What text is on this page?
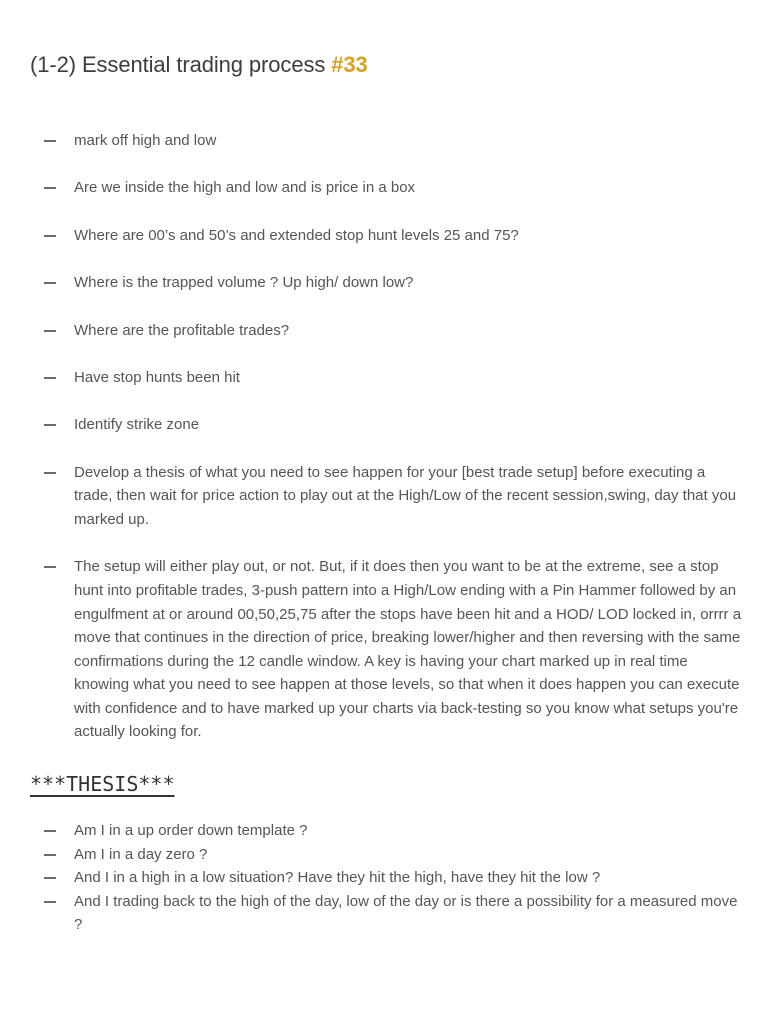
(1-2) Essential trading process #33
mark off high and low
Are we inside the high and low and is price in a box
Where are 00’s and 50’s and extended stop hunt levels 25 and 75?
Where is the trapped volume ? Up high/ down low?
Where are the profitable trades?
Have stop hunts been hit
Identify strike zone
Develop a thesis of what you need to see happen for your [best trade setup] before executing a trade, then wait for price action to play out at the High/Low of the recent session,swing, day that you marked up.
The setup will either play out, or not. But, if it does then you want to be at the extreme, see a stop hunt into profitable trades, 3-push pattern into a High/Low ending with a Pin Hammer followed by an engulfment at or around 00,50,25,75 after the stops have been hit and a HOD/ LOD locked in, orrrr a move that continues in the direction of price, breaking lower/higher and then reversing with the same confirmations during the 12 candle window. A key is having your chart marked up in real time knowing what you need to see happen at those levels, so that when it does happen you can execute with confidence and to have marked up your charts via back-testing so you know what setups you're actually looking for.
***THESIS***
Am I in a up order down template ?
Am I in a day zero ?
And I in a high in a low situation? Have they hit the high, have they hit the low ?
And I trading back to the high of the day, low of the day or is there a possibility for a measured move ?
